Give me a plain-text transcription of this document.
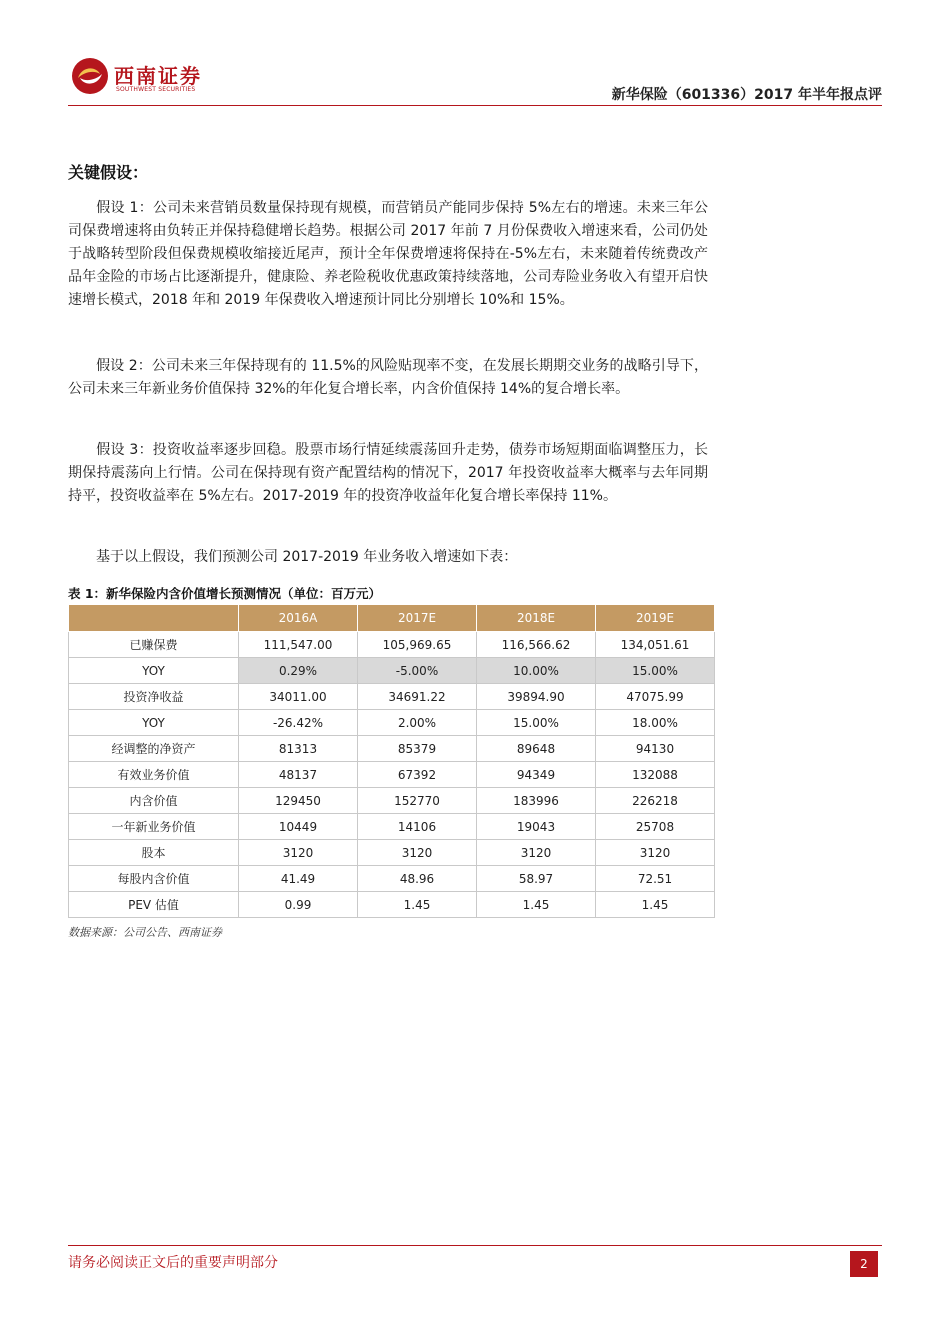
西南证券
SOUTHWEST SECURITIES	新华保险（601336）2017 年半年报点评
关键假设：
假设 1：公司未来营销员数量保持现有规模，而营销员产能同步保持 5%左右的增速。未来三年公司保费增速将由负转正并保持稳健增长趋势。根据公司 2017 年前 7 月份保费收入增速来看，公司仍处于战略转型阶段但保费规模收缩接近尾声，预计全年保费增速将保持在-5%左右，未来随着传统费改产品年金险的市场占比逐渐提升，健康险、养老险税收优惠政策持续落地，公司寿险业务收入有望开启快速增长模式，2018 年和 2019 年保费收入增速预计同比分别增长 10%和 15%。
假设 2：公司未来三年保持现有的 11.5%的风险贴现率不变，在发展长期期交业务的战略引导下，公司未来三年新业务价值保持 32%的年化复合增长率，内含价值保持 14%的复合增长率。
假设 3：投资收益率逐步回稳。股票市场行情延续震荡回升走势，债券市场短期面临调整压力，长期保持震荡向上行情。公司在保持现有资产配置结构的情况下，2017 年投资收益率大概率与去年同期持平，投资收益率在 5%左右。2017-2019 年的投资净收益年化复合增长率保持 11%。
基于以上假设，我们预测公司 2017-2019 年业务收入增速如下表：
表 1：新华保险内含价值增长预测情况（单位：百万元）
	2016A	2017E	2018E	2019E
已赚保费	111,547.00	105,969.65	116,566.62	134,051.61
YOY	0.29%	-5.00%	10.00%	15.00%
投资净收益	34011.00	34691.22	39894.90	47075.99
YOY	-26.42%	2.00%	15.00%	18.00%
经调整的净资产	81313	85379	89648	94130
有效业务价值	48137	67392	94349	132088
内含价值	129450	152770	183996	226218
一年新业务价值	10449	14106	19043	25708
股本	3120	3120	3120	3120
每股内含价值	41.49	48.96	58.97	72.51
PEV 估值	0.99	1.45	1.45	1.45
数据来源：公司公告、西南证券
请务必阅读正文后的重要声明部分	2
